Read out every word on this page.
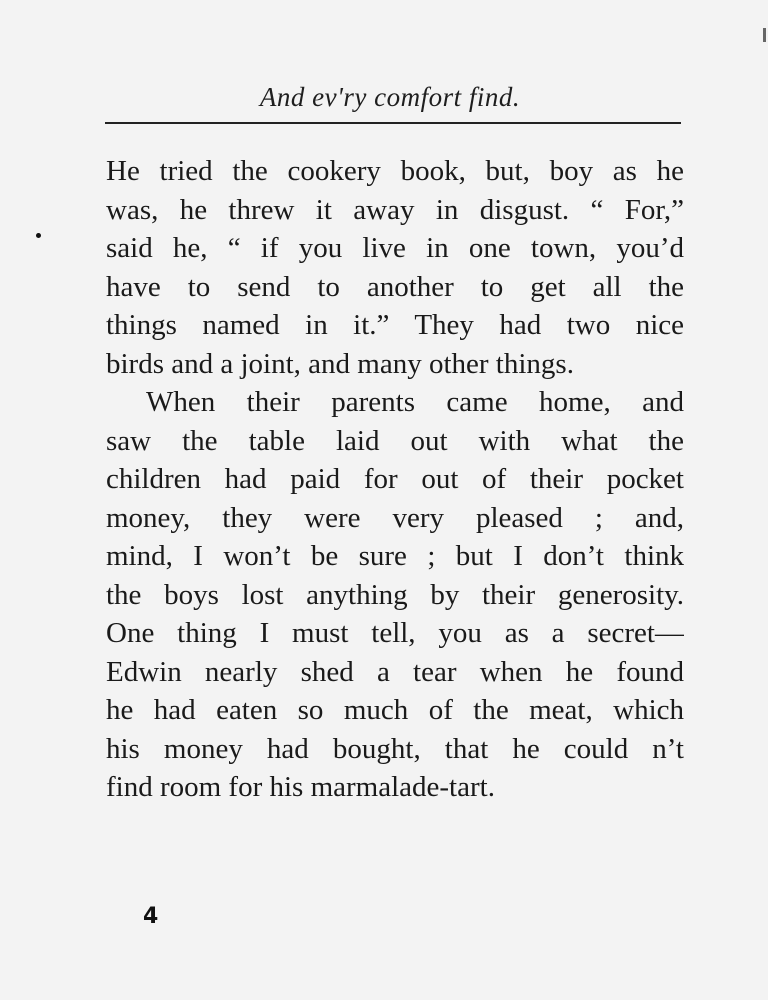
And ev'ry comfort find.
He tried the cookery book, but, boy as he
was, he threw it away in disgust. “ For,”
said he, “ if you live in one town, you’d
have to send to another to get all the
things named in it.” They had two nice
birds and a joint, and many other things.
When their parents came home, and
saw the table laid out with what the
children had paid for out of their pocket
money, they were very pleased ; and,
mind, I won’t be sure ; but I don’t think
the boys lost anything by their generosity.
One thing I must tell, you as a secret—
Edwin nearly shed a tear when he found
he had eaten so much of the meat, which
his money had bought, that he could n’t
find room for his marmalade-tart.
4
